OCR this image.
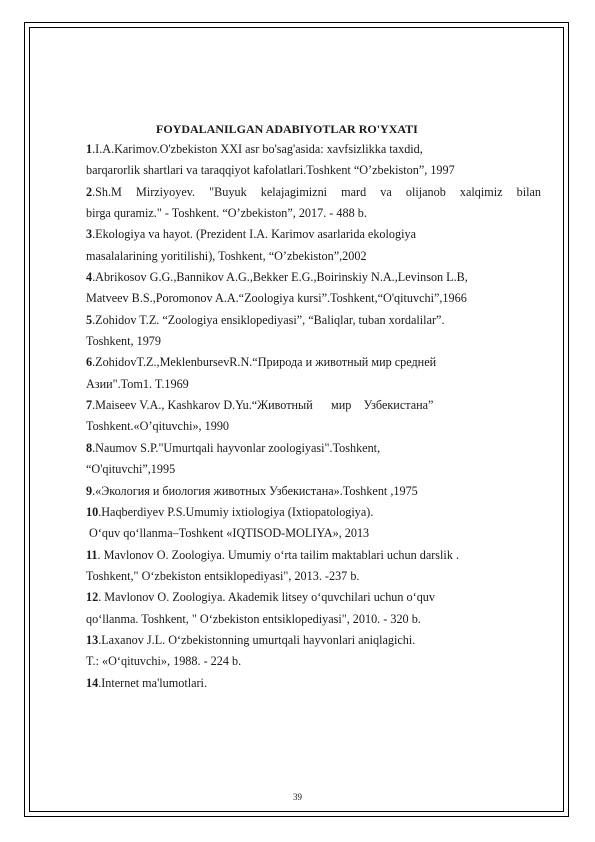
FOYDALANILGAN ADABIYOTLAR RO'YXATI
1.I.A.Karimov.O'zbekiston XXI asr bo'sag'asida: xavfsizlikka taxdid,
barqarorlik shartlari va taraqqiyot kafolatlari.Toshkent “O’zbekiston”, 1997
2.Sh.M  Mirziyoyev.  "Buyuk  kelajagimizni  mard  va  olijanob  xalqimiz  bilan
birga quramiz." - Toshkent. “O’zbekiston”, 2017. - 488 b.
3.Ekologiya va hayot. (Prezident I.A. Karimov asarlarida ekologiya
masalalarining yoritilishi), Toshkent, “O’zbekiston”,2002
4.Abrikosov G.G.,Bannikov A.G.,Bekker E.G.,Boirinskiy N.A.,Levinson L.B,
Matveev B.S.,Poromonov A.A.“Zoologiya kursi”.Toshkent,“O'qituvchi”,1966
5.Zohidov T.Z. “Zoologiya ensiklopediyasi”, “Baliqlar, tuban xordalilar”.
Toshkent, 1979
6.ZohidovT.Z.,MeklenbursevR.N.“Природа и животный мир средней
Азии".Tom1. T.1969
7.Maiseev V.A., Kashkarov D.Yu.“Животный      мир    Узбекистана”
Toshkent.«O’qituvchi», 1990
8.Naumov S.P."Umurtqali hayvonlar zoologiyasi".Toshkent,
“O'qituvchi”,1995
9.«Экология и биология животных Узбекистана».Toshkent ,1975
10.Haqberdiyev P.S.Umumiy ixtiologiya (Ixtiopatologiya).
O‘quv qo‘llanma–Toshkent «IQTISOD-MOLIYA», 2013
11. Mavlonov O. Zoologiya. Umumiy o‘rta tailim maktablari uchun darslik .
Toshkent," O‘zbekiston entsiklopediyasi", 2013. -237 b.
12. Mavlonov O. Zoologiya. Akademik litsey o‘quvchilari uchun o‘quv
qo‘llanma. Toshkent, " O‘zbekiston entsiklopediyasi", 2010. - 320 b.
13.Laxanov J.L. O‘zbekistonning umurtqali hayvonlari aniqlagichi.
T.: «O‘qituvchi», 1988. - 224 b.
14.Internet ma'lumotlari.
39
